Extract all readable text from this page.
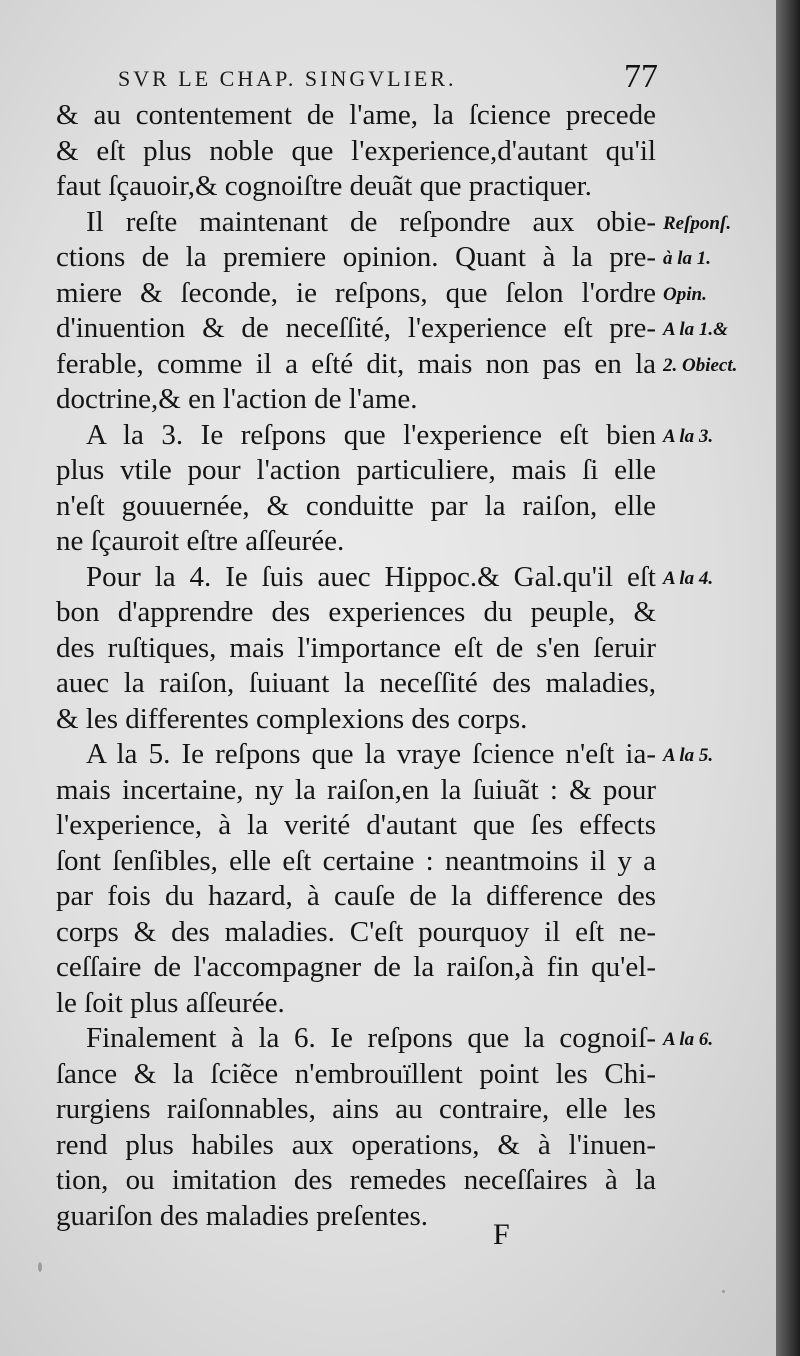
SVR LE CHAP. SINGVLIER.	77
& au contentement de l'ame, la ſcience precede
& eſt plus noble que l'experience,d'autant qu'il
faut ſçauoir,& cognoiſtre deuãt que practiquer.
Il reſte maintenant de reſpondre aux obie-
ctions de la premiere opinion. Quant à la pre-
miere & ſeconde, ie reſpons, que ſelon l'ordre
d'inuention & de neceſſité, l'experience eſt pre-
ferable, comme il a eſté dit, mais non pas en la
doctrine,& en l'action de l'ame.
A la 3. Ie reſpons que l'experience eſt bien
plus vtile pour l'action particuliere, mais ſi elle
n'eſt gouuernée, & conduitte par la raiſon, elle
ne ſçauroit eſtre aſſeurée.
Pour la 4. Ie ſuis auec Hippoc.& Gal.qu'il eſt
bon d'apprendre des experiences du peuple, &
des ruſtiques, mais l'importance eſt de s'en ſeruir
auec la raiſon, ſuiuant la neceſſité des maladies,
& les differentes complexions des corps.
A la 5. Ie reſpons que la vraye ſcience n'eſt ia-
mais incertaine, ny la raiſon,en la ſuiuãt : & pour
l'experience, à la verité d'autant que ſes effects
ſont ſenſibles, elle eſt certaine : neantmoins il y a
par fois du hazard, à cauſe de la difference des
corps & des maladies. C'eſt pourquoy il eſt ne-
ceſſaire de l'accompagner de la raiſon,à fin qu'el-
le ſoit plus aſſeurée.
Finalement à la 6. Ie reſpons que la cognoiſ-
ſance & la ſciẽce n'embrouïllent point les Chi-
rurgiens raiſonnables, ains au contraire, elle les
rend plus habiles aux operations, & à l'inuen-
tion, ou imitation des remedes neceſſaires à la
guariſon des maladies preſentes.
Reſponſ.
à la 1.
Opin.
A la 1.&
2. Obiect.
A la 3.
A la 4.
A la 5.
A la 6.
F
